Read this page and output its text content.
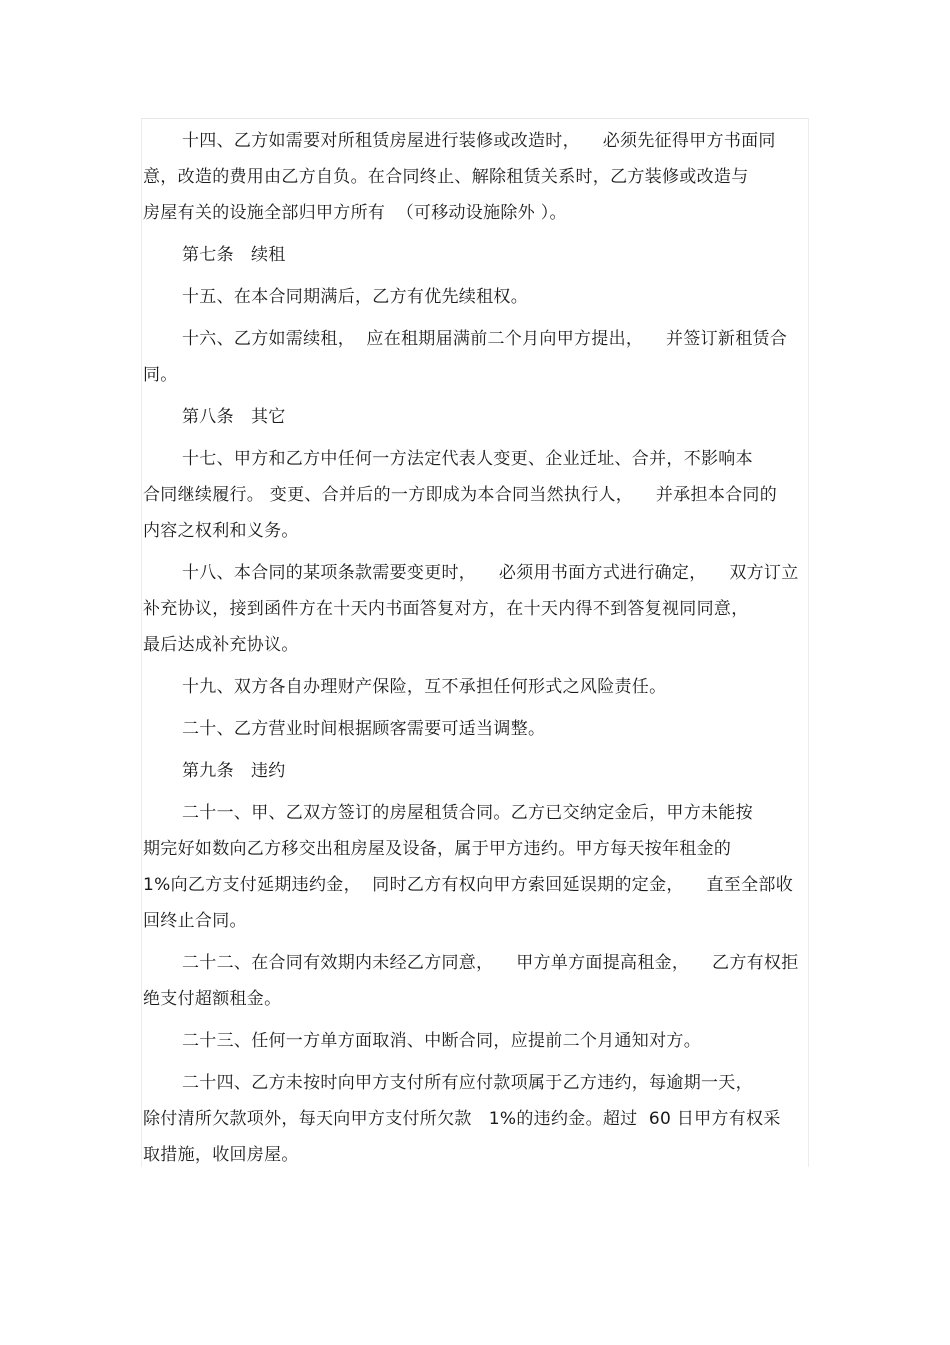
十四、乙方如需要对所租赁房屋进行装修或改造时，    必须先征得甲方书面同
意，改造的费用由乙方自负。在合同终止、解除租赁关系时，乙方装修或改造与
房屋有关的设施全部归甲方所有  （可移动设施除外 ）。
第七条   续租
十五、在本合同期满后，乙方有优先续租权。
十六、乙方如需续租，  应在租期届满前二个月向甲方提出，    并签订新租赁合
同。
第八条   其它
十七、甲方和乙方中任何一方法定代表人变更、企业迁址、合并，不影响本
合同继续履行。 变更、合并后的一方即成为本合同当然执行人，    并承担本合同的
内容之权利和义务。
十八、本合同的某项条款需要变更时，    必须用书面方式进行确定，    双方订立
补充协议，接到函件方在十天内书面答复对方，在十天内得不到答复视同同意，
最后达成补充协议。
十九、双方各自办理财产保险，互不承担任何形式之风险责任。
二十、乙方营业时间根据顾客需要可适当调整。
第九条   违约
二十一、甲、乙双方签订的房屋租赁合同。乙方已交纳定金后，甲方未能按
期完好如数向乙方移交出租房屋及设备，属于甲方违约。甲方每天按年租金的
1%向乙方支付延期违约金，  同时乙方有权向甲方索回延误期的定金，    直至全部收
回终止合同。
二十二、在合同有效期内未经乙方同意，    甲方单方面提高租金，    乙方有权拒
绝支付超额租金。
二十三、任何一方单方面取消、中断合同，应提前二个月通知对方。
二十四、乙方未按时向甲方支付所有应付款项属于乙方违约，每逾期一天，
除付清所欠款项外，每天向甲方支付所欠款   1%的违约金。超过  60 日甲方有权采
取措施，收回房屋。
